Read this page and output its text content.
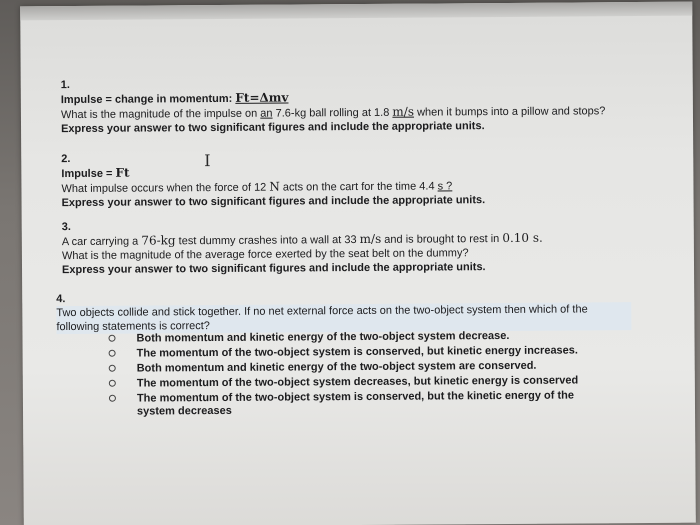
1.
Impulse = change in momentum: Ft=Δmv
What is the magnitude of the impulse on an 7.6-kg ball rolling at 1.8 m/s when it bumps into a pillow and stops?
Express your answer to two significant figures and include the appropriate units.
I
2.
Impulse = Ft
What impulse occurs when the force of 12 N acts on the cart for the time 4.4 s ?
Express your answer to two significant figures and include the appropriate units.
3.
A car carrying a 76-kg test dummy crashes into a wall at 33 m/s and is brought to rest in 0.10 s.
What is the magnitude of the average force exerted by the seat belt on the dummy?
Express your answer to two significant figures and include the appropriate units.
4.
Two objects collide and stick together. If no net external force acts on the two-object system then which of the following statements is correct?
Both momentum and kinetic energy of the two-object system decrease.
The momentum of the two-object system is conserved, but kinetic energy increases.
Both momentum and kinetic energy of the two-object system are conserved.
The momentum of the two-object system decreases, but kinetic energy is conserved
The momentum of the two-object system is conserved, but the kinetic energy of the system decreases
